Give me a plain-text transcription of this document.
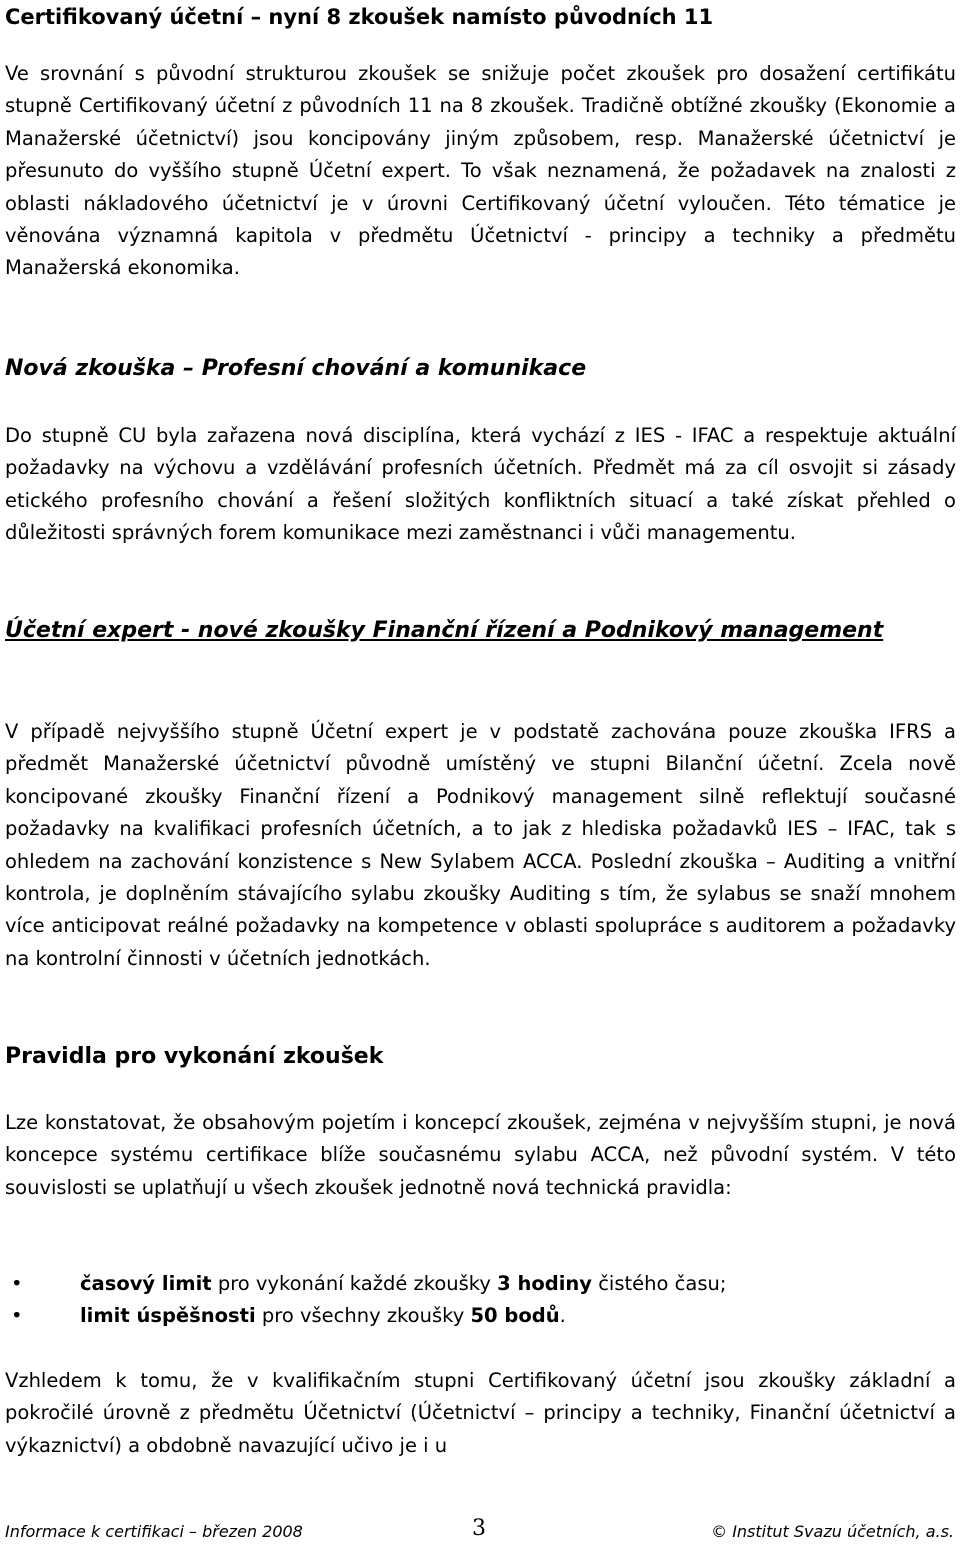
Certifikovaný účetní – nyní 8 zkoušek namísto původních 11

Ve srovnání s původní strukturou zkoušek se snižuje počet zkoušek pro dosažení certifikátu stupně Certifikovaný účetní z původních 11 na 8 zkoušek. Tradičně obtížné zkoušky (Ekonomie a Manažerské účetnictví) jsou koncipovány jiným způsobem, resp. Manažerské účetnictví je přesunuto do vyššího stupně Účetní expert. To však neznamená, že požadavek na znalosti z oblasti nákladového účetnictví je v úrovni Certifikovaný účetní vyloučen. Této tématice je věnována významná kapitola v předmětu Účetnictví - principy a techniky a předmětu Manažerská ekonomika.

Nová zkouška – Profesní chování a komunikace

Do stupně CU byla zařazena nová disciplína, která vychází z IES - IFAC a respektuje aktuální požadavky na výchovu a vzdělávání profesních účetních. Předmět má za cíl osvojit si zásady etického profesního chování a řešení složitých konfliktních situací a také získat přehled o důležitosti správných forem komunikace mezi zaměstnanci i vůči managementu.

Účetní expert - nové zkoušky Finanční řízení a Podnikový management

V případě nejvyššího stupně Účetní expert je v podstatě zachována pouze zkouška IFRS a předmět Manažerské účetnictví původně umístěný ve stupni Bilanční účetní. Zcela nově koncipované zkoušky Finanční řízení a Podnikový management silně reflektují současné požadavky na kvalifikaci profesních účetních, a to jak z hlediska požadavků IES – IFAC, tak s ohledem na zachování konzistence s New Sylabem ACCA. Poslední zkouška – Auditing a vnitřní kontrola, je doplněním stávajícího sylabu zkoušky Auditing s tím, že sylabus se snaží mnohem více anticipovat reálné požadavky na kompetence v oblasti spolupráce s auditorem a požadavky na kontrolní činnosti v účetních jednotkách.

Pravidla pro vykonání zkoušek

Lze konstatovat, že obsahovým pojetím i koncepcí zkoušek, zejména v nejvyšším stupni, je nová koncepce systému certifikace blíže současnému sylabu ACCA, než původní systém. V této souvislosti se uplatňují u všech zkoušek jednotně nová technická pravidla:

•	časový limit pro vykonání každé zkoušky 3 hodiny čistého času;
•	limit úspěšnosti pro všechny zkoušky 50 bodů.

Vzhledem k tomu, že v kvalifikačním stupni Certifikovaný účetní jsou zkoušky základní a pokročilé úrovně z předmětu Účetnictví (Účetnictví – principy a techniky, Finanční účetnictví a výkaznictví) a obdobně navazující učivo je i u

Informace k certifikaci – březen 2008	3	© Institut Svazu účetních, a.s.
